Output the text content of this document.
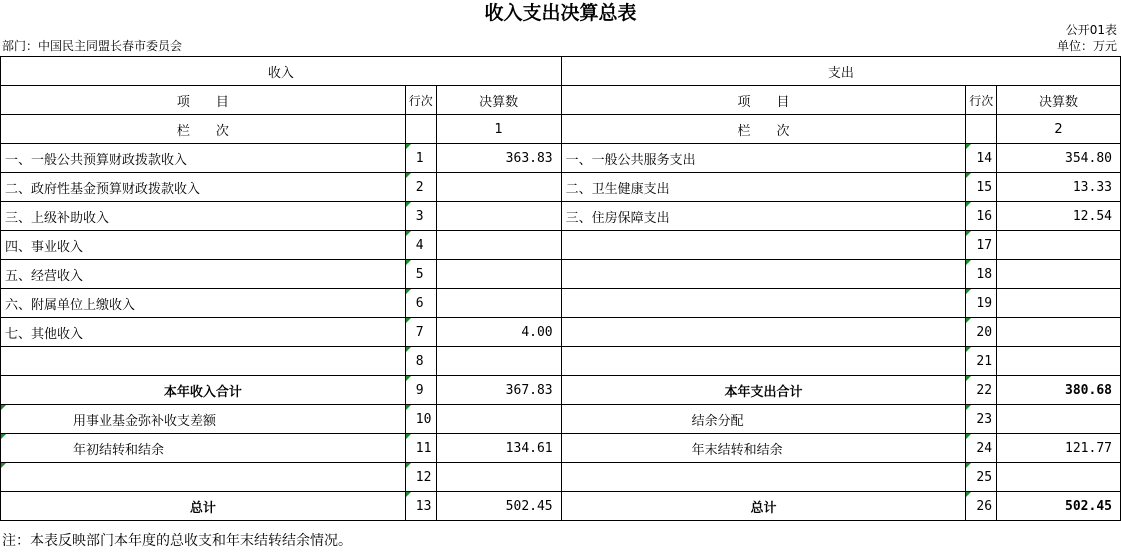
收入支出决算总表
公开01表
部门：中国民主同盟长春市委员会	单位：万元
收入			支出		
项　　目	行次	决算数	项　　目	行次	决算数
栏　　次		1	栏　　次		2
一、一般公共预算财政拨款收入	1	363.83	一、一般公共服务支出	14	354.80
二、政府性基金预算财政拨款收入	2		二、卫生健康支出	15	13.33
三、上级补助收入	3		三、住房保障支出	16	12.54
四、事业收入	4			17	
五、经营收入	5			18	
六、附属单位上缴收入	6			19	
七、其他收入	7	4.00		20	
	8			21	
本年收入合计	9	367.83	本年支出合计	22	380.68
用事业基金弥补收支差额	10		结余分配	23	
年初结转和结余	11	134.61	年末结转和结余	24	121.77
	12			25	
总计	13	502.45	总计	26	502.45
注：本表反映部门本年度的总收支和年末结转结余情况。
